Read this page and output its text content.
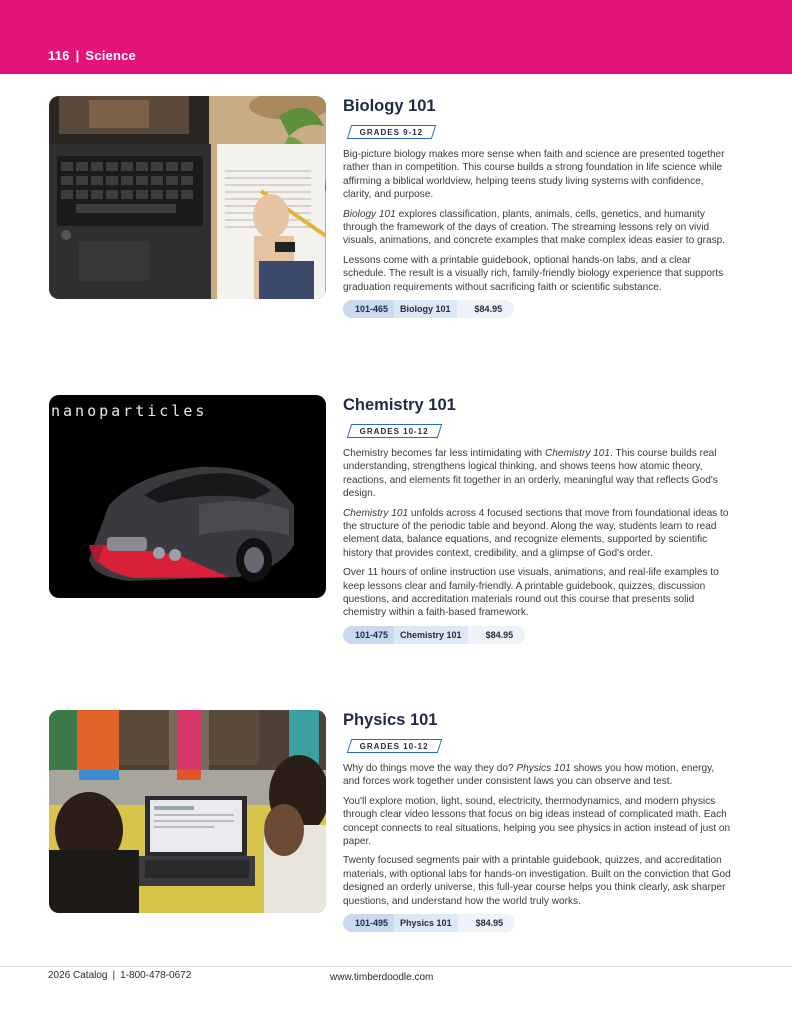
116 | Science
Biology 101
GRADES 9-12

Big-picture biology makes more sense when faith and science are presented together rather than in competition. This course builds a strong foundation in life science while affirming a biblical worldview, helping teens study living systems with confidence, clarity, and purpose.

Biology 101 explores classification, plants, animals, cells, genetics, and humanity through the framework of the days of creation. The streaming lessons rely on vivid visuals, animations, and concrete examples that make complex ideas easier to grasp.

Lessons come with a printable guidebook, optional hands-on labs, and a clear schedule. The result is a visually rich, family-friendly biology experience that supports graduation requirements without sacrificing faith or scientific substance.

101-465	Biology 101	$84.95
nanoparticles	Chemistry 101
GRADES 10-12

Chemistry becomes far less intimidating with Chemistry 101. This course builds real understanding, strengthens logical thinking, and shows teens how atomic theory, reactions, and elements fit together in an orderly, meaningful way that reflects God's design.

Chemistry 101 unfolds across 4 focused sections that move from foundational ideas to the structure of the periodic table and beyond. Along the way, students learn to read element data, balance equations, and recognize elements, supported by scientific history that provides context, credibility, and a glimpse of God's order.

Over 11 hours of online instruction use visuals, animations, and real-life examples to keep lessons clear and family-friendly. A printable guidebook, quizzes, discussion questions, and accreditation materials round out this course that presents solid chemistry within a faith-based framework.

101-475	Chemistry 101	$84.95
Physics 101
GRADES 10-12

Why do things move the way they do? Physics 101 shows you how motion, energy, and forces work together under consistent laws you can observe and test.

You'll explore motion, light, sound, electricity, thermodynamics, and modern physics through clear video lessons that focus on big ideas instead of complicated math. Each concept connects to real situations, helping you see physics in action instead of just on paper.

Twenty focused segments pair with a printable guidebook, quizzes, and accreditation materials, with optional labs for hands-on investigation. Built on the conviction that God designed an orderly universe, this full-year course helps you think clearly, ask sharper questions, and understand how the world truly works.

101-495	Physics 101	$84.95
2026 Catalog | 1-800-478-0672	www.timberdoodle.com
